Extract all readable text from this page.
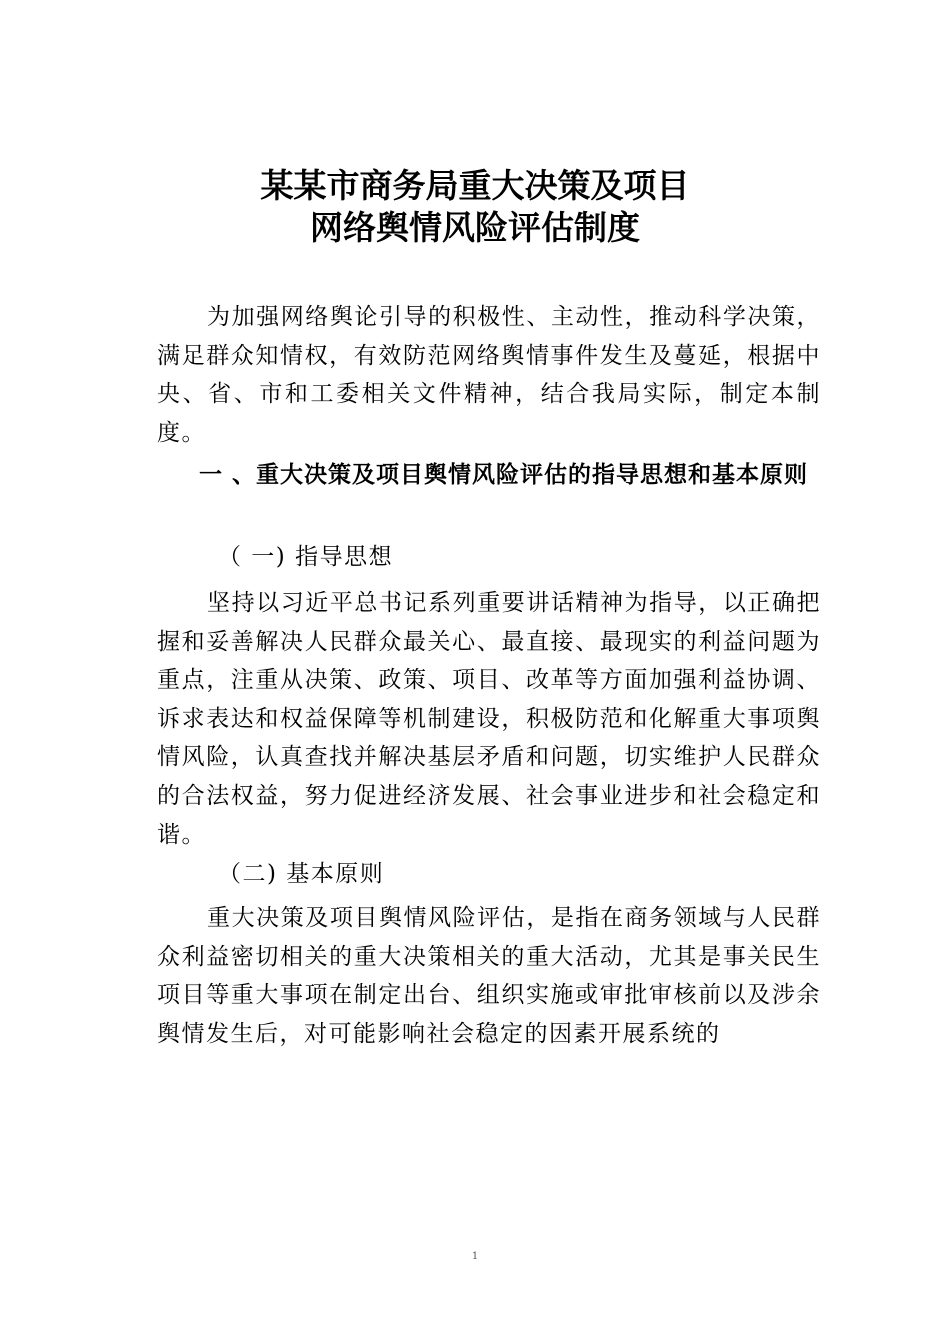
某某市商务局重大决策及项目
网络舆情风险评估制度
为加强网络舆论引导的积极性、主动性，推动科学决策，满足群众知情权，有效防范网络舆情事件发生及蔓延，根据中央、省、市和工委相关文件精神，结合我局实际，制定本制度。
一 、重大决策及项目舆情风险评估的指导思想和基本原则
（ 一) 指导思想
坚持以习近平总书记系列重要讲话精神为指导，以正确把握和妥善解决人民群众最关心、最直接、最现实的利益问题为重点，注重从决策、政策、项目、改革等方面加强利益协调、诉求表达和权益保障等机制建设，积极防范和化解重大事项舆情风险，认真查找并解决基层矛盾和问题，切实维护人民群众的合法权益，努力促进经济发展、社会事业进步和社会稳定和谐。
（二) 基本原则
重大决策及项目舆情风险评估，是指在商务领域与人民群众利益密切相关的重大决策相关的重大活动，尤其是事关民生项目等重大事项在制定出台、组织实施或审批审核前以及涉余舆情发生后，对可能影响社会稳定的因素开展系统的
1
